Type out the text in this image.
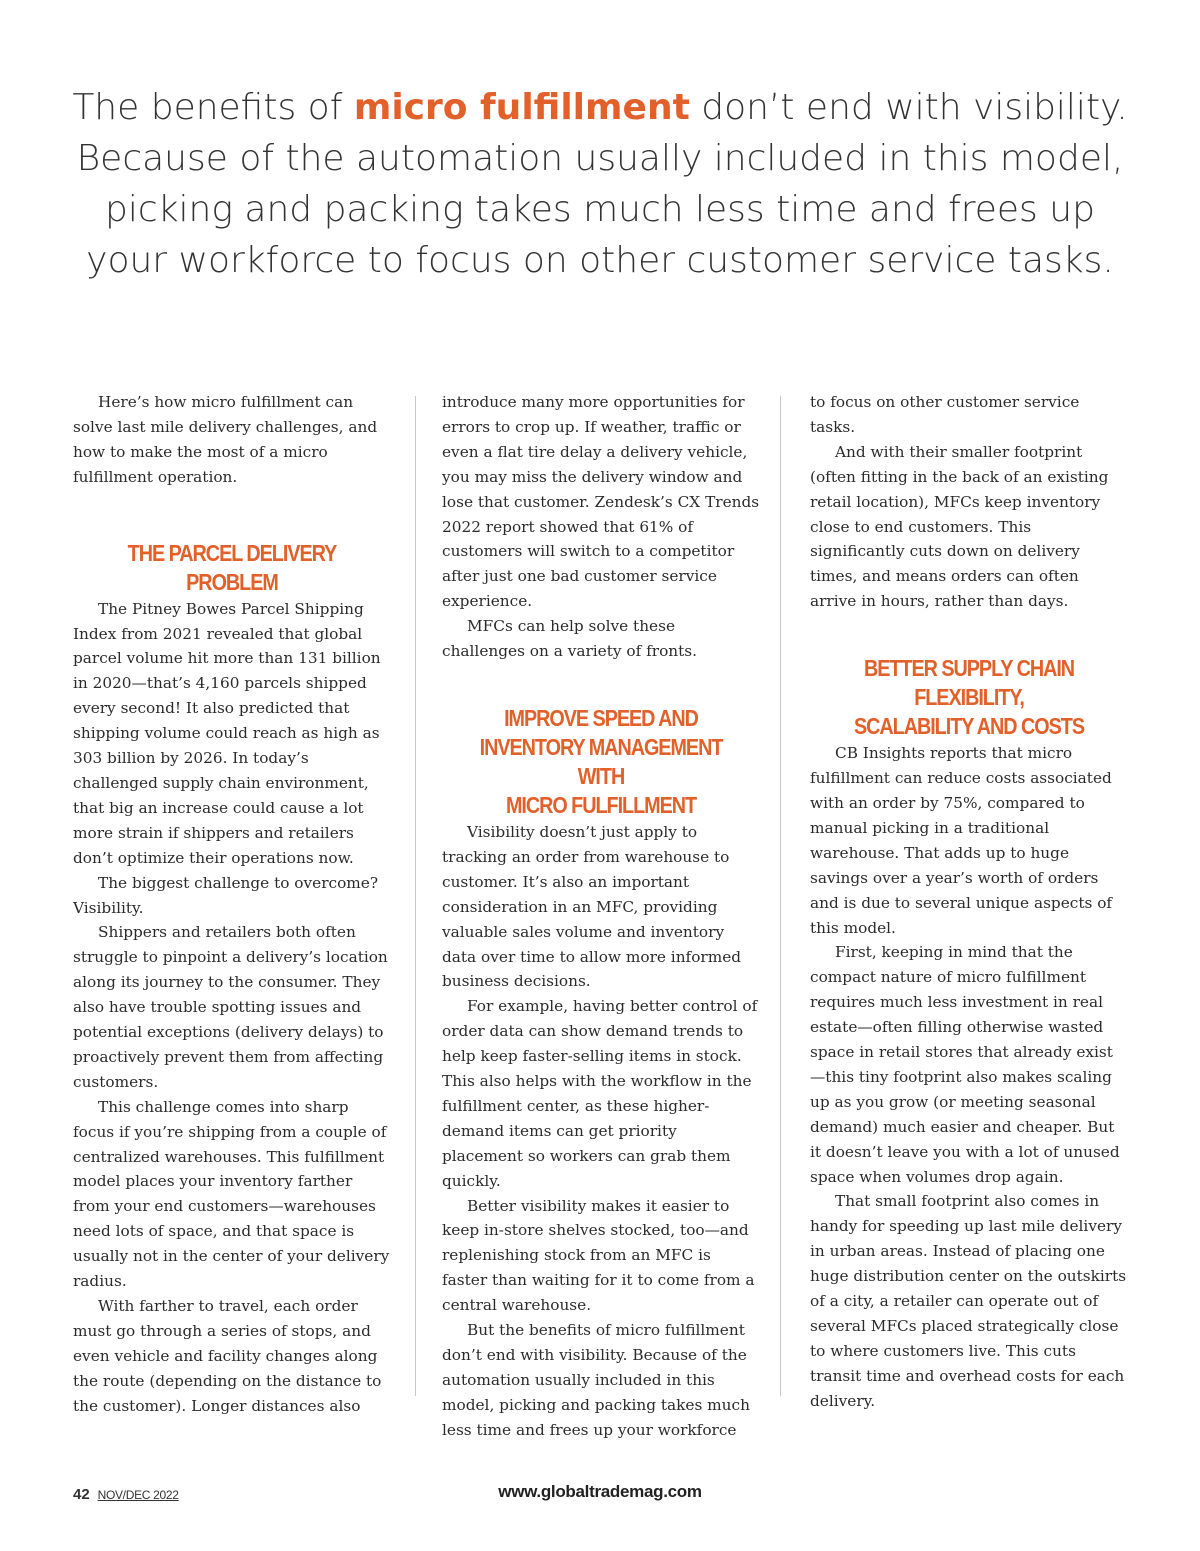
The benefits of micro fulfillment don’t end with visibility. Because of the automation usually included in this model, picking and packing takes much less time and frees up your workforce to focus on other customer service tasks.

Here’s how micro fulfillment can solve last mile delivery challenges, and how to make the most of a micro fulfillment operation.

THE PARCEL DELIVERY PROBLEM

The Pitney Bowes Parcel Shipping Index from 2021 revealed that global parcel volume hit more than 131 billion in 2020—that’s 4,160 parcels shipped every second! It also predicted that shipping volume could reach as high as 303 billion by 2026. In today’s challenged supply chain environment, that big an increase could cause a lot more strain if shippers and retailers don’t optimize their operations now.

The biggest challenge to overcome? Visibility.

Shippers and retailers both often struggle to pinpoint a delivery’s location along its journey to the consumer. They also have trouble spotting issues and potential exceptions (delivery delays) to proactively prevent them from affecting customers.

This challenge comes into sharp focus if you’re shipping from a couple of centralized warehouses. This fulfillment model places your inventory farther from your end customers—warehouses need lots of space, and that space is usually not in the center of your delivery radius.

With farther to travel, each order must go through a series of stops, and even vehicle and facility changes along the route (depending on the distance to the customer). Longer distances also

introduce many more opportunities for errors to crop up. If weather, traffic or even a flat tire delay a delivery vehicle, you may miss the delivery window and lose that customer. Zendesk’s CX Trends 2022 report showed that 61% of customers will switch to a competitor after just one bad customer service experience.

MFCs can help solve these challenges on a variety of fronts.

IMPROVE SPEED AND
INVENTORY MANAGEMENT WITH
MICRO FULFILLMENT

Visibility doesn’t just apply to tracking an order from warehouse to customer. It’s also an important consideration in an MFC, providing valuable sales volume and inventory data over time to allow more informed business decisions.

For example, having better control of order data can show demand trends to help keep faster-selling items in stock. This also helps with the workflow in the fulfillment center, as these higher-demand items can get priority placement so workers can grab them quickly.

Better visibility makes it easier to keep in-store shelves stocked, too—and replenishing stock from an MFC is faster than waiting for it to come from a central warehouse.

But the benefits of micro fulfillment don’t end with visibility. Because of the automation usually included in this model, picking and packing takes much less time and frees up your workforce

to focus on other customer service tasks.

And with their smaller footprint (often fitting in the back of an existing retail location), MFCs keep inventory close to end customers. This significantly cuts down on delivery times, and means orders can often arrive in hours, rather than days.

BETTER SUPPLY CHAIN FLEXIBILITY,
SCALABILITY AND COSTS

CB Insights reports that micro fulfillment can reduce costs associated with an order by 75%, compared to manual picking in a traditional warehouse. That adds up to huge savings over a year’s worth of orders and is due to several unique aspects of this model.

First, keeping in mind that the compact nature of micro fulfillment requires much less investment in real estate—often filling otherwise wasted space in retail stores that already exist—this tiny footprint also makes scaling up as you grow (or meeting seasonal demand) much easier and cheaper. But it doesn’t leave you with a lot of unused space when volumes drop again.

That small footprint also comes in handy for speeding up last mile delivery in urban areas. Instead of placing one huge distribution center on the outskirts of a city, a retailer can operate out of several MFCs placed strategically close to where customers live. This cuts transit time and overhead costs for each delivery.

42 NOV/DEC 2022	www.globaltrademag.com
